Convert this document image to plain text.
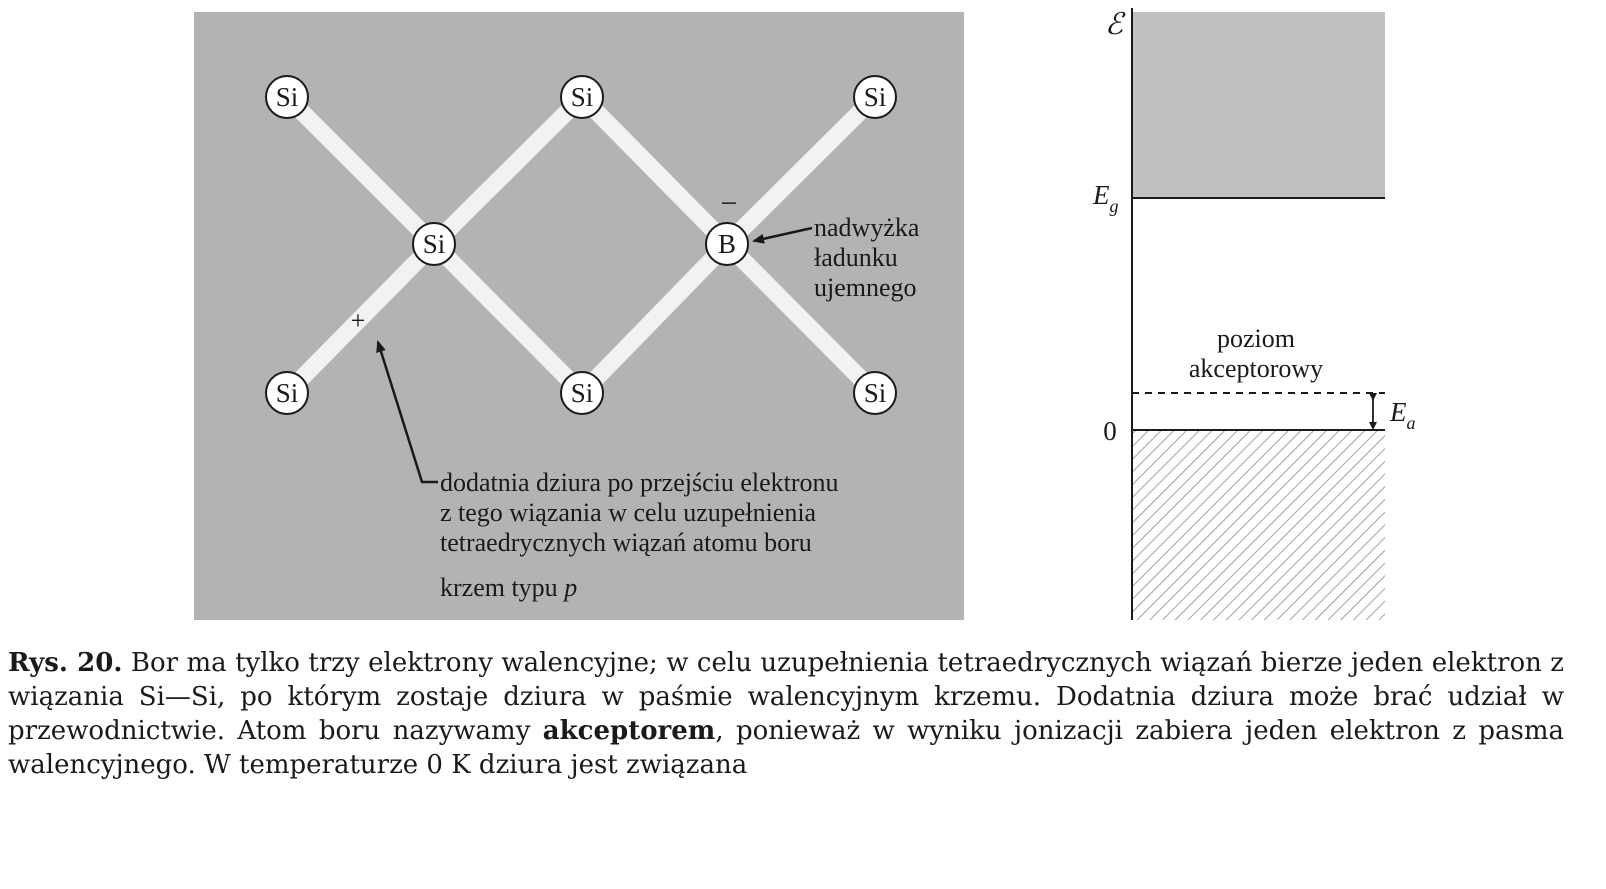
Si	Si	Si
Si	B
Si	Si	Si
−
+
nadwyżka
ładunku
ujemnego
dodatnia dziura po przejściu elektronu
z tego wiązania w celu uzupełnienia
tetraedrycznych wiązań atomu boru
krzem typu p
ℰ
$E_g$
0
poziom
akceptorowy
$E_a$
Rys. 20. Bor ma tylko trzy elektrony walencyjne; w celu uzupełnienia tetraedrycznych wiązań bierze jeden elektron z wiązania Si—Si, po którym zostaje dziura w paśmie walencyjnym krzemu. Dodatnia dziura może brać udział w przewodnictwie. Atom boru nazywamy akceptorem, ponieważ w wyniku jonizacji zabiera jeden elektron z pasma walencyjnego. W temperaturze 0 K dziura jest związana
